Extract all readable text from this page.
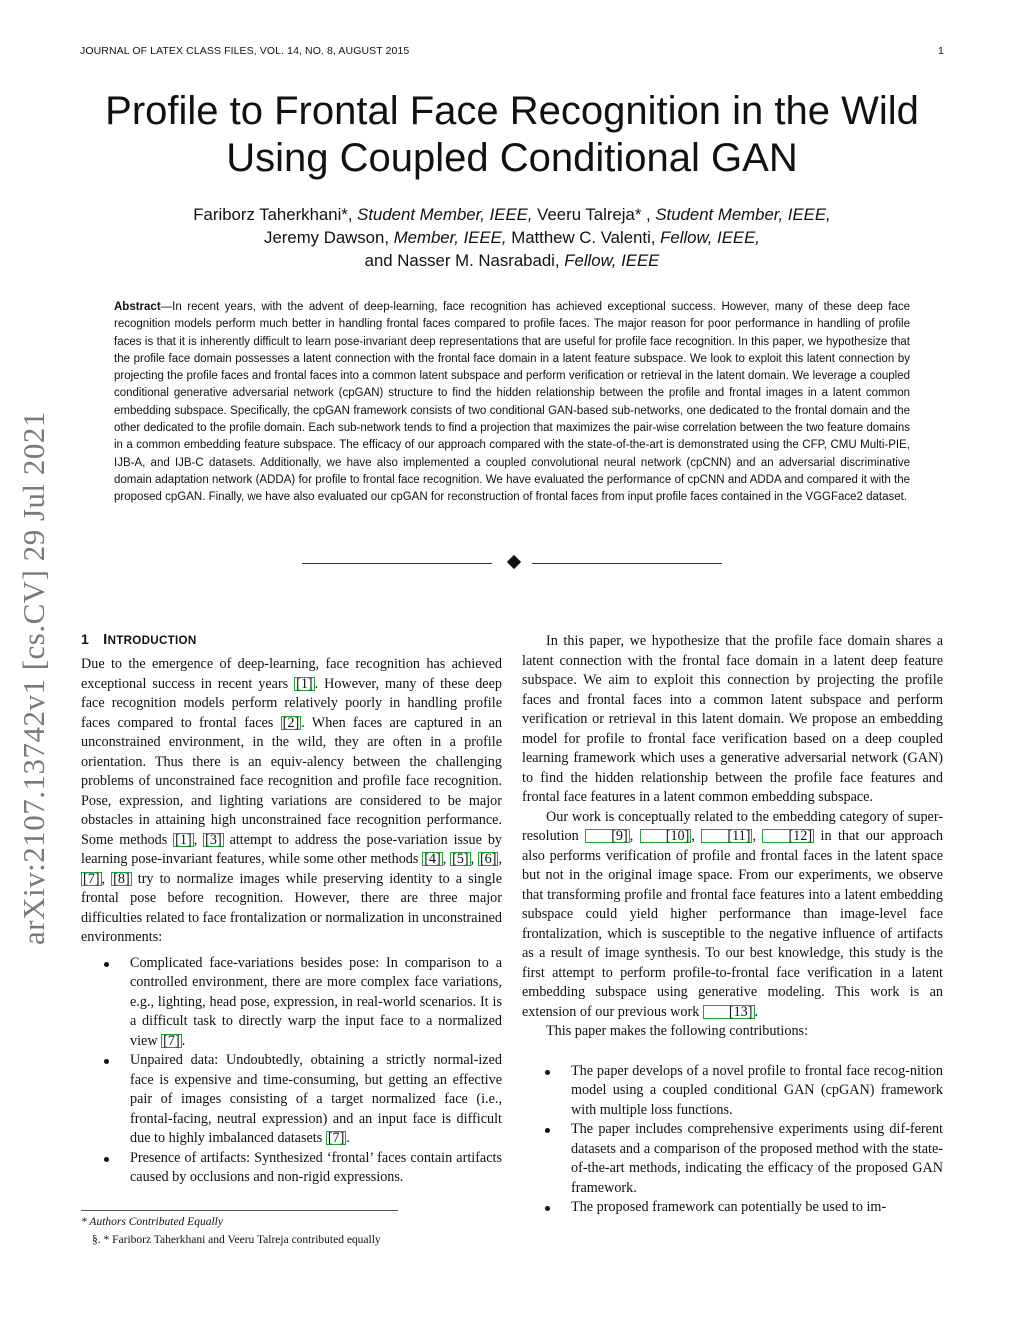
JOURNAL OF LATEX CLASS FILES, VOL. 14, NO. 8, AUGUST 2015	1
Profile to Frontal Face Recognition in the Wild
Using Coupled Conditional GAN
Fariborz Taherkhani*, Student Member, IEEE, Veeru Talreja* , Student Member, IEEE,
Jeremy Dawson, Member, IEEE, Matthew C. Valenti, Fellow, IEEE,
and Nasser M. Nasrabadi, Fellow, IEEE

Abstract—In recent years, with the advent of deep-learning, face recognition has achieved exceptional success. However, many of these deep face recognition models perform much better in handling frontal faces compared to profile faces. The major reason for poor performance in handling of profile faces is that it is inherently difficult to learn pose-invariant deep representations that are useful for profile face recognition. In this paper, we hypothesize that the profile face domain possesses a latent connection with the frontal face domain in a latent feature subspace. We look to exploit this latent connection by projecting the profile faces and frontal faces into a common latent subspace and perform verification or retrieval in the latent domain. We leverage a coupled conditional generative adversarial network (cpGAN) structure to find the hidden relationship between the profile and frontal images in a latent common embedding subspace. Specifically, the cpGAN framework consists of two conditional GAN-based sub-networks, one dedicated to the frontal domain and the other dedicated to the profile domain. Each sub-network tends to find a projection that maximizes the pair-wise correlation between the two feature domains in a common embedding feature subspace. The efficacy of our approach compared with the state-of-the-art is demonstrated using the CFP, CMU Multi-PIE, IJB-A, and IJB-C datasets. Additionally, we have also implemented a coupled convolutional neural network (cpCNN) and an adversarial discriminative domain adaptation network (ADDA) for profile to frontal face recognition. We have evaluated the performance of cpCNN and ADDA and compared it with the proposed cpGAN. Finally, we have also evaluated our cpGAN for reconstruction of frontal faces from input profile faces contained in the VGGFace2 dataset.

arXiv:2107.13742v1 [cs.CV] 29 Jul 2021 1 INTRODUCTION

Due to the emergence of deep-learning, face recognition has achieved exceptional success in recent years [1] . However, many of these deep face recognition models perform relatively poorly in handling profile faces compared to frontal faces [2] . When faces are captured in an unconstrained environment, in the wild, they are often in a profile orientation. Thus there is an equiv-alency between the challenging problems of unconstrained face recognition and profile face recognition. Pose, expression, and lighting variations are considered to be major obstacles in attaining high unconstrained face recognition performance. Some methods [1] , [3] attempt to address the pose-variation issue by learning pose-invariant features, while some other methods [4] , [5] , [6] , [7] , [8] try to normalize images while preserving identity to a single frontal pose before recognition. However, there are three major difficulties related to face frontalization or normalization in unconstrained environments:

Complicated face-variations besides pose: In comparison to a controlled environment, there are more complex face variations, e.g., lighting, head pose, expression, in real-world scenarios. It is a difficult task to directly warp the input face to a normalized view [7] .
Unpaired data: Undoubtedly, obtaining a strictly normal-ized face is expensive and time-consuming, but getting an effective pair of images consisting of a target normalized face (i.e., frontal-facing, neutral expression) and an input face is difficult due to highly imbalanced datasets [7] .
Presence of artifacts: Synthesized ‘frontal’ faces contain artifacts caused by occlusions and non-rigid expressions.

In this paper, we hypothesize that the profile face domain shares a latent connection with the frontal face domain in a latent deep feature subspace. We aim to exploit this connection by projecting the profile faces and frontal faces into a common latent subspace and perform verification or retrieval in this latent domain. We propose an embedding model for profile to frontal face verification based on a deep coupled learning framework which uses a generative adversarial network (GAN) to find the hidden relationship between the profile face features and frontal face features in a latent common embedding subspace.

Our work is conceptually related to the embedding category of super-resolution [9] , [10] , [11] , [12] in that our approach also performs verification of profile and frontal faces in the latent space but not in the original image space. From our experiments, we observe that transforming profile and frontal face features into a latent embedding subspace could yield higher performance than image-level face frontalization, which is susceptible to the negative influence of artifacts as a result of image synthesis. To our best knowledge, this study is the first attempt to perform profile-to-frontal face verification in a latent embedding subspace using generative modeling. This work is an extension of our previous work [13] .

This paper makes the following contributions:

The paper develops of a novel profile to frontal face recog-nition model using a coupled conditional GAN (cpGAN) framework with multiple loss functions.
The paper includes comprehensive experiments using dif-ferent datasets and a comparison of the proposed method with the state-of-the-art methods, indicating the efficacy of the proposed GAN framework.
The proposed framework can potentially be used to im-
* Authors Contributed Equally
§. * Fariborz Taherkhani and Veeru Talreja contributed equally
